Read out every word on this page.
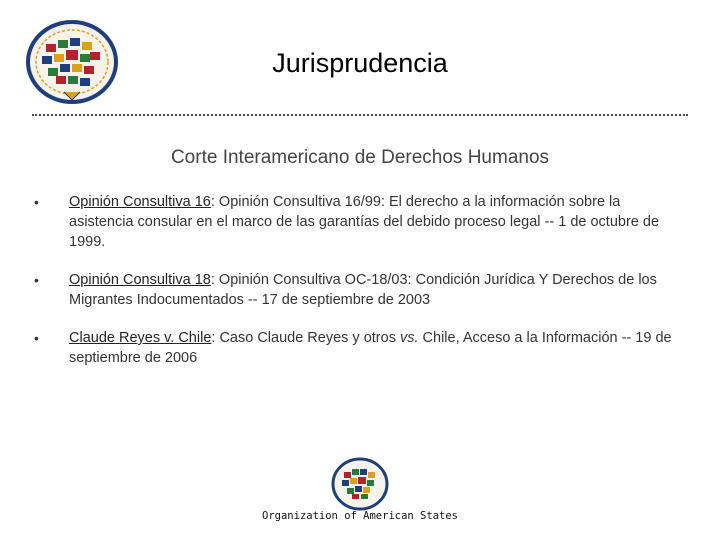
Jurisprudencia
Corte Interamericano de Derechos Humanos
•	Opinión Consultiva 16: Opinión Consultiva 16/99: El derecho a la información sobre la asistencia consular en el marco de las garantías del debido proceso legal -- 1 de octubre de 1999.
•	Opinión Consultiva 18: Opinión Consultiva OC-18/03: Condición Jurídica Y Derechos de los Migrantes Indocumentados -- 17 de septiembre de 2003
•	Claude Reyes v. Chile: Caso Claude Reyes y otros vs. Chile, Acceso a la Información -- 19 de septiembre de 2006
Organization of American States
